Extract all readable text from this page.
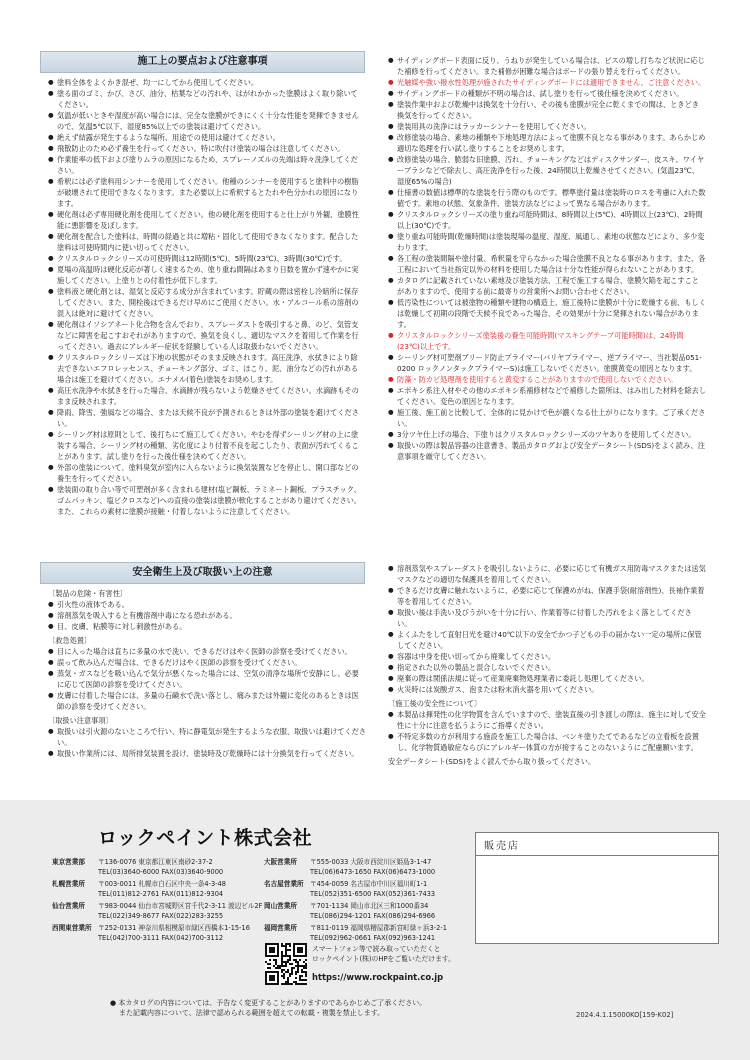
施工上の要点および注意事項
● 塗料全体をよくかき混ぜ、均一にしてから使用してください。
● 塗る面のゴミ、かび、さび、油分、枯葉などの汚れや、はがれかかった塗膜はよく取り除いてください。
● 気温が低いときや湿度が高い場合には、完全な塗膜ができにくく十分な性能を発揮できませんので、気温5℃以下、湿度85%以上での塗装は避けてください。
● 絶えず結露が発生するような場所、用途での使用は避けてください。
● 飛散防止のため必ず養生を行ってください。特に吹付け塗装の場合は注意してください。
● 作業能率の低下および塗りムラの原因になるため、スプレーノズルの先端は時々洗浄してください。
● 希釈には必ず塗料用シンナーを使用してください。他種のシンナーを使用すると塗料中の樹脂が破壊されて使用できなくなります。また必要以上に希釈するとたれや色分かれの原因になります。
● 硬化剤は必ず専用硬化剤を使用してください。他の硬化剤を使用すると仕上がり外観、塗膜性能に悪影響を及ぼします。
● 硬化剤を配合した塗料は、時間の経過と共に増粘・固化して使用できなくなります。配合した塗料は可使時間内に使い切ってください。
● クリスタルロックシリーズの可使時間は12時間(5℃)、5時間(23℃)、3時間(30℃)です。
● 夏場の高温時は硬化反応が著しく速まるため、塗り重ね間隔はあまり日数を置かず速やかに実施してください。上塗りとの付着性が低下します。
● 塗料液と硬化剤とは、湿気と反応する成分が含まれています。貯蔵の際は密栓し冷暗所に保存してください。また、開栓後はできるだけ早めにご使用ください。水・アルコール系の溶剤の混入は絶対に避けてください。
● 硬化剤はイソシアネート化合物を含んでおり、スプレーダストを吸引すると鼻、のど、気管支などに障害を起こすおそれがありますので、換気を良くし、適切なマスクを着用して作業を行ってください。過去にアレルギー症状を経験している人は取扱わないでください。
● クリスタルロックシリーズは下地の状態がそのまま反映されます。高圧洗浄、水拭きにより除去できないエフロレッセンス、チョーキング部分、ゴミ、ほこり、泥、油分などの汚れがある場合は施工を避けてください。エナメル(着色)塗装をお奨めします。
● 高圧水洗浄や水拭きを行った場合、水滴跡が残らないよう乾燥させてください。水滴跡もそのまま反映されます。
● 降雨、降雪、強風などの場合、または天候不良が予測されるときは外部の塗装を避けてください。
● シーリング材は原則として、後打ちにて施工してください。やむを得ずシーリング材の上に塗装する場合、シーリング材の種類、劣化度により付着不良を起こしたり、表面が汚れてくることがあります。試し塗りを行った後仕様を決めてください。
● 外部の塗装について、塗料臭気が室内に入らないように換気装置などを停止し、開口部などの養生を行ってください。
● 塗装面の取り合い等で可塑剤が多く含まれる建材(塩ビ鋼板、ラミネート鋼板、プラスチック、ゴムパッキン、塩ビクロスなど)への直接の塗装は塗膜が軟化することがあり避けてください。また、これらの素材に塗膜が接触・付着しないように注意してください。
● サイディングボード表面に反り、うねりが発生している場合は、ビスの増し打ちなど状況に応じた補修を行ってください。また補修が困難な場合はボードの張り替えを行ってください。
● 光触媒や強い撥水性処理が施されたサイディングボードには適用できません。ご注意ください。
● サイディングボードの種類が不明の場合は、試し塗りを行って後仕様を決めてください。
● 塗装作業中および乾燥中は換気を十分行い、その後も塗膜が完全に乾くまでの間は、ときどき換気を行ってください。
● 塗装用具の洗浄にはラッカーシンナーを使用してください。
● 改修塗装の場合、素地の種類や下地処理方法によって塗膜不良となる事があります。あらかじめ適切な処理を行い試し塗りすることをお奨めします。
● 改修塗装の場合、脆弱な旧塗膜、汚れ、チョーキングなどはディスクサンダー、皮スキ、ワイヤーブラシなどで除去し、高圧洗浄を行った後、24時間以上乾燥させてください。(気温23℃、湿度65%の場合)
● 仕様書の数値は標準的な塗装を行う際のものです。標準塗付量は塗装時のロスを考慮に入れた数値です。素地の状態、気象条件、塗装方法などによって異なる場合があります。
● クリスタルロックシリーズの塗り重ね可能時間は、8時間以上(5℃)、4時間以上(23℃)、2時間以上(30℃)です。
● 塗り重ね可能時間(乾燥時間)は塗装現場の温度、湿度、風通し、素地の状態などにより、多少変わります。
● 各工程の塗装間隔や塗付量、希釈量を守らなかった場合塗膜不良となる事があります。また、各工程において当社指定以外の材料を使用した場合は十分な性能が得られないことがあります。
● カタログに記載されていない素地及び塗装方法、工程で施工する場合、塗膜欠陥を起こすことがありますので、使用する前に最寄りの営業所へお問い合わせください。
● 低汚染性については被塗物の種類や建物の構造上、施工後特に塗膜が十分に乾燥する前、もしくは乾燥して初期の段階で天候不良であった場合、その効果が十分に発揮されない場合があります。
● クリスタルロックシリーズ塗装後の養生可能時間(マスキングテープ可能時間)は、24時間(23℃)以上です。
● シーリング材可塑剤ブリード防止プライマー(バリヤプライマー、逆プライマー、当社製品051-0200 ロックノンタックプライマーS)は施工しないでください。塗膜黄変の原因となります。
● 防藻・防カビ処理剤を使用すると黄変することがありますので使用しないでください。
● エポキシ系注入材やその他のエポキシ系補修材などで補修した箇所は、はみ出した材料を除去してください。変色の原因となります。
● 施工後、施工前と比較して、全体的に見かけで色が濃くなる仕上がりになります。ご了承ください。
● 3分ツヤ仕上げの場合、下塗りはクリスタルロックシリーズのツヤありを使用してください。
● 取扱いの際は製品容器の注意書き、製品カタログおよび安全データシート(SDS)をよく読み、注意事項を厳守してください。
安全衛生上及び取扱い上の注意
〔製品の危険・有害性〕
● 引火性の液体である。
● 溶剤蒸気を吸入すると有機溶剤中毒になる恐れがある。
● 目、皮膚、粘膜等に対し刺激性がある。
〔救急処置〕
● 目に入った場合は直ちに多量の水で洗い、できるだけはやく医師の診察を受けてください。
● 誤って飲み込んだ場合は、できるだけはやく医師の診察を受けてください。
● 蒸気・ガスなどを吸い込んで気分が悪くなった場合には、空気の清浄な場所で安静にし、必要に応じて医師の診察を受けてください。
● 皮膚に付着した場合には、多量の石鹸水で洗い落とし、痛みまたは外観に変化のあるときは医師の診察を受けてください。
〔取扱い注意事項〕
● 取扱いは引火源のないところで行い、特に静電気が発生するような衣服、取扱いは避けてください。
● 取扱い作業所には、局所排気装置を設け、塗装時及び乾燥時には十分換気を行ってください。
● 溶剤蒸気やスプレーダストを吸引しないように、必要に応じて有機ガス用防毒マスクまたは送気マスクなどの適切な保護具を着用してください。
● できるだけ皮膚に触れないように、必要に応じて保護めがね、保護手袋(耐溶剤性)、長袖作業着等を着用してください。
● 取扱い後は手洗い及びうがいを十分に行い、作業着等に付着した汚れをよく落としてください。
● よくふたをして直射日光を避け40℃以下の安全でかつ子どもの手の届かない一定の場所に保管してください。
● 容器は中身を使い切ってから廃棄してください。
● 指定された以外の製品と混合しないでください。
● 廃棄の際は関係法規に従って産業廃棄物処理業者に委託し処理してください。
● 火災時には炭酸ガス、泡または粉末消火器を用いてください。
〔施工後の安全性について〕
● 本製品は揮発性の化学物質を含んでいますので、塗装直後の引き渡しの際は、施主に対して安全性に十分に注意を払うようにご指導ください。
● 不特定多数の方が利用する施設を施工した場合は、ベンキ塗りたてであるなどの立看板を設置し、化学物質過敏症ならびにアレルギー体質の方が接することのないようにご配慮願います。
安全データシート(SDS)をよく読んでから取り扱ってください。
ロックペイント株式会社
東京営業部	〒136-0076 東京都江東区南砂2-37-2
TEL(03)3640-6000 FAX(03)3640-9000
札幌営業所	〒003-0011 札幌市白石区中央一条4-3-48
TEL(011)812-2761 FAX(011)812-9304
仙台営業所	〒983-0044 仙台市宮城野区宮千代2-3-11 渡辺ビル2F
TEL(022)349-8677 FAX(022)283-3255
西関東営業所 〒252-0131 神奈川県相模原市緑区西橋本1-15-16
TEL(042)700-3111 FAX(042)700-3112
大阪営業所	〒555-0033 大阪市西淀川区姫島3-1-47
TEL(06)6473-1650 FAX(06)6473-1000
名古屋営業所 〒454-0059 名古屋市中川区福川町1-1
TEL(052)351-6500 FAX(052)361-7433
岡山営業所	〒701-1134 岡山市北区三和1000番34
TEL(086)294-1201 FAX(086)294-6966
福岡営業所	〒811-0119 福岡県糟屋郡新宮町緑ヶ浜3-2-1
TEL(092)962-0661 FAX(092)963-1241
販売店
スマートフォン等で読み取っていただくと
ロックペイント(株)のHPをご覧いただけます。
https://www.rockpaint.co.jp
● 本カタログの内容については、予告なく変更することがありますのであらかじめご了承ください。
また記載内容について、法律で認められる範囲を超えての転載・複製を禁止します。	2024.4.1.15000KO[159-K02]
